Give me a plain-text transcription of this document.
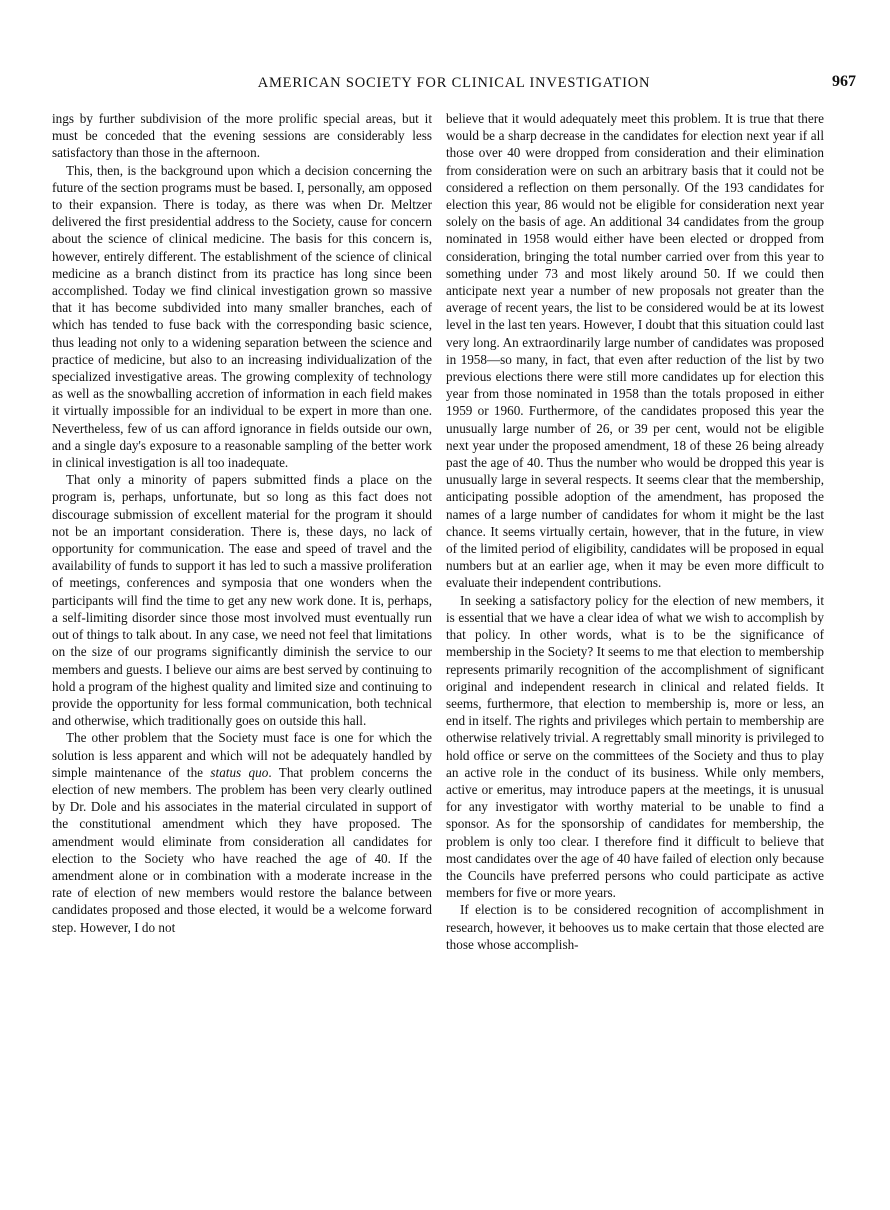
AMERICAN SOCIETY FOR CLINICAL INVESTIGATION	967

ings by further subdivision of the more prolific special areas, but it must be conceded that the evening sessions are considerably less satisfactory than those in the afternoon.

This, then, is the background upon which a decision concerning the future of the section programs must be based. I, personally, am opposed to their expansion. There is today, as there was when Dr. Meltzer delivered the first presidential address to the Society, cause for concern about the science of clinical medicine. The basis for this concern is, however, entirely different. The establishment of the science of clinical medicine as a branch distinct from its practice has long since been accomplished. Today we find clinical investigation grown so massive that it has become subdivided into many smaller branches, each of which has tended to fuse back with the corresponding basic science, thus leading not only to a widening separation between the science and practice of medicine, but also to an increasing individualization of the specialized investigative areas. The growing complexity of technology as well as the snowballing accretion of information in each field makes it virtually impossible for an individual to be expert in more than one. Nevertheless, few of us can afford ignorance in fields outside our own, and a single day's exposure to a reasonable sampling of the better work in clinical investigation is all too inadequate.

That only a minority of papers submitted finds a place on the program is, perhaps, unfortunate, but so long as this fact does not discourage submission of excellent material for the program it should not be an important consideration. There is, these days, no lack of opportunity for communication. The ease and speed of travel and the availability of funds to support it has led to such a massive proliferation of meetings, conferences and symposia that one wonders when the participants will find the time to get any new work done. It is, perhaps, a self-limiting disorder since those most involved must eventually run out of things to talk about. In any case, we need not feel that limitations on the size of our programs significantly diminish the service to our members and guests. I believe our aims are best served by continuing to hold a program of the highest quality and limited size and continuing to provide the opportunity for less formal communication, both technical and otherwise, which traditionally goes on outside this hall.

The other problem that the Society must face is one for which the solution is less apparent and which will not be adequately handled by simple maintenance of the status quo. That problem concerns the election of new members. The problem has been very clearly outlined by Dr. Dole and his associates in the material circulated in support of the constitutional amendment which they have proposed. The amendment would eliminate from consideration all candidates for election to the Society who have reached the age of 40. If the amendment alone or in combination with a moderate increase in the rate of election of new members would restore the balance between candidates proposed and those elected, it would be a welcome forward step. However, I do not

believe that it would adequately meet this problem. It is true that there would be a sharp decrease in the candidates for election next year if all those over 40 were dropped from consideration and their elimination from consideration were on such an arbitrary basis that it could not be considered a reflection on them personally. Of the 193 candidates for election this year, 86 would not be eligible for consideration next year solely on the basis of age. An additional 34 candidates from the group nominated in 1958 would either have been elected or dropped from consideration, bringing the total number carried over from this year to something under 73 and most likely around 50. If we could then anticipate next year a number of new proposals not greater than the average of recent years, the list to be considered would be at its lowest level in the last ten years. However, I doubt that this situation could last very long. An extraordinarily large number of candidates was proposed in 1958—so many, in fact, that even after reduction of the list by two previous elections there were still more candidates up for election this year from those nominated in 1958 than the totals proposed in either 1959 or 1960. Furthermore, of the candidates proposed this year the unusually large number of 26, or 39 per cent, would not be eligible next year under the proposed amendment, 18 of these 26 being already past the age of 40. Thus the number who would be dropped this year is unusually large in several respects. It seems clear that the membership, anticipating possible adoption of the amendment, has proposed the names of a large number of candidates for whom it might be the last chance. It seems virtually certain, however, that in the future, in view of the limited period of eligibility, candidates will be proposed in equal numbers but at an earlier age, when it may be even more difficult to evaluate their independent contributions.

In seeking a satisfactory policy for the election of new members, it is essential that we have a clear idea of what we wish to accomplish by that policy. In other words, what is to be the significance of membership in the Society? It seems to me that election to membership represents primarily recognition of the accomplishment of significant original and independent research in clinical and related fields. It seems, furthermore, that election to membership is, more or less, an end in itself. The rights and privileges which pertain to membership are otherwise relatively trivial. A regrettably small minority is privileged to hold office or serve on the committees of the Society and thus to play an active role in the conduct of its business. While only members, active or emeritus, may introduce papers at the meetings, it is unusual for any investigator with worthy material to be unable to find a sponsor. As for the sponsorship of candidates for membership, the problem is only too clear. I therefore find it difficult to believe that most candidates over the age of 40 have failed of election only because the Councils have preferred persons who could participate as active members for five or more years.

If election is to be considered recognition of accomplishment in research, however, it behooves us to make certain that those elected are those whose accomplish-
